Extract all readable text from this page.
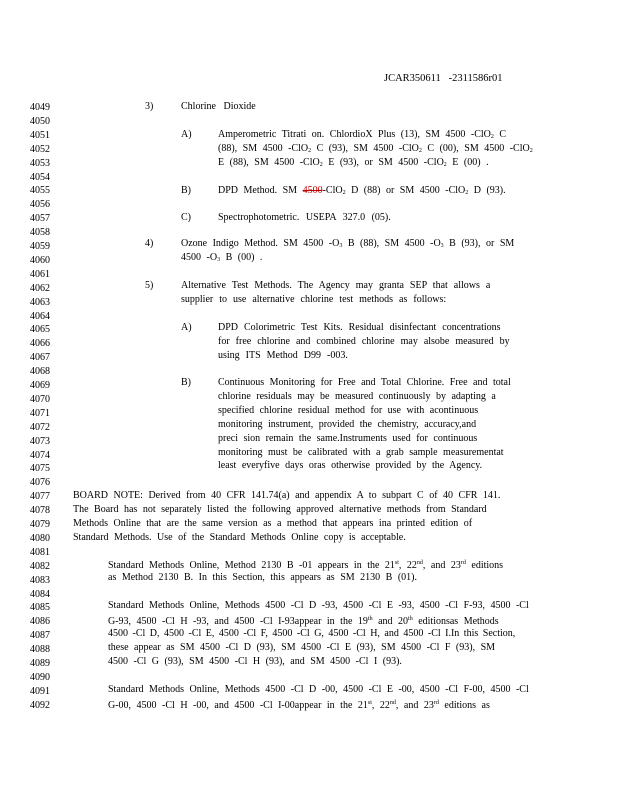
JCAR350611 -2311586r01
4049
4050
4051
4052
4053
4054
4055
4056
4057
4058
4059
4060
4061
4062
4063
4064
4065
4066
4067
4068
4069
4070
4071
4072
4073
4074
4075
4076
4077
4078
4079
4080
4081
4082
4083
4084
4085
4086
4087
4088
4089
4090
4091
4092
3)	Chlorine Dioxide
A)	Amperometric Titrati on. ChlordioX Plus (13), SM 4500 -ClO$_2$ C
(88), SM 4500 -ClO$_2$ C (93), SM 4500 -ClO$_2$ C (00), SM 4500 -ClO$_2$
E (88), SM 4500 -ClO$_2$ E (93), or SM 4500 -ClO$_2$ E (00) .
B)	DPD Method. SM 4500-ClO$_2$ D (88) or SM 4500 -ClO$_2$ D (93).
C)	Spectrophotometric. USEPA 327.0 (05).
4)	Ozone Indigo Method. SM 4500 $-O_3$ B (88), SM 4500 $-O_3$ B (93), or SM
4500 $-O_3$ B (00) .
5)	Alternative Test Methods. The Agency may granta SEP that allows a
supplier to use alternative chlorine test methods as follows:
A)	DPD Colorimetric Test Kits. Residual disinfectant concentrations
for free chlorine and combined chlorine may alsobe measured by
using ITS Method D99 -003.
B)	Continuous Monitoring for Free and Total Chlorine. Free and total
chlorine residuals may be measured continuously by adapting a
specified chlorine residual method for use with acontinuous
monitoring instrument, provided the chemistry, accuracy,and
preci sion remain the same.Instruments used for continuous
monitoring must be calibrated with a grab sample measurementat
least everyfive days oras otherwise provided by the Agency.
BOARD NOTE: Derived from 40 CFR 141.74(a) and appendix A to subpart C of 40 CFR 141.
The Board has not separately listed the following approved alternative methods from Standard
Methods Online that are the same version as a method that appears ina printed edition of
Standard Methods. Use of the Standard Methods Online copy is acceptable.
Standard Methods Online, Method 2130 B -01 appears in the 21st, 22nd, and 23rd editions
as Method 2130 B. In this Section, this appears as SM 2130 B (01).
Standard Methods Online, Methods 4500 -Cl D -93, 4500 -Cl E -93, 4500 -Cl F-93, 4500 -Cl
G-93, 4500 -Cl H -93, and 4500 -Cl I-93appear in the 19th and 20th editionsas Methods
4500 -Cl D, 4500 -Cl E, 4500 -Cl F, 4500 -Cl G, 4500 -Cl H, and 4500 -Cl I.In this Section,
these appear as SM 4500 -Cl D (93), SM 4500 -Cl E (93), SM 4500 -Cl F (93), SM
4500 -Cl G (93), SM 4500 -Cl H (93), and SM 4500 -Cl I (93).
Standard Methods Online, Methods 4500 -Cl D -00, 4500 -Cl E -00, 4500 -Cl F-00, 4500 -Cl
G-00, 4500 -Cl H -00, and 4500 -Cl I-00appear in the 21st, 22nd, and 23rd editions as
